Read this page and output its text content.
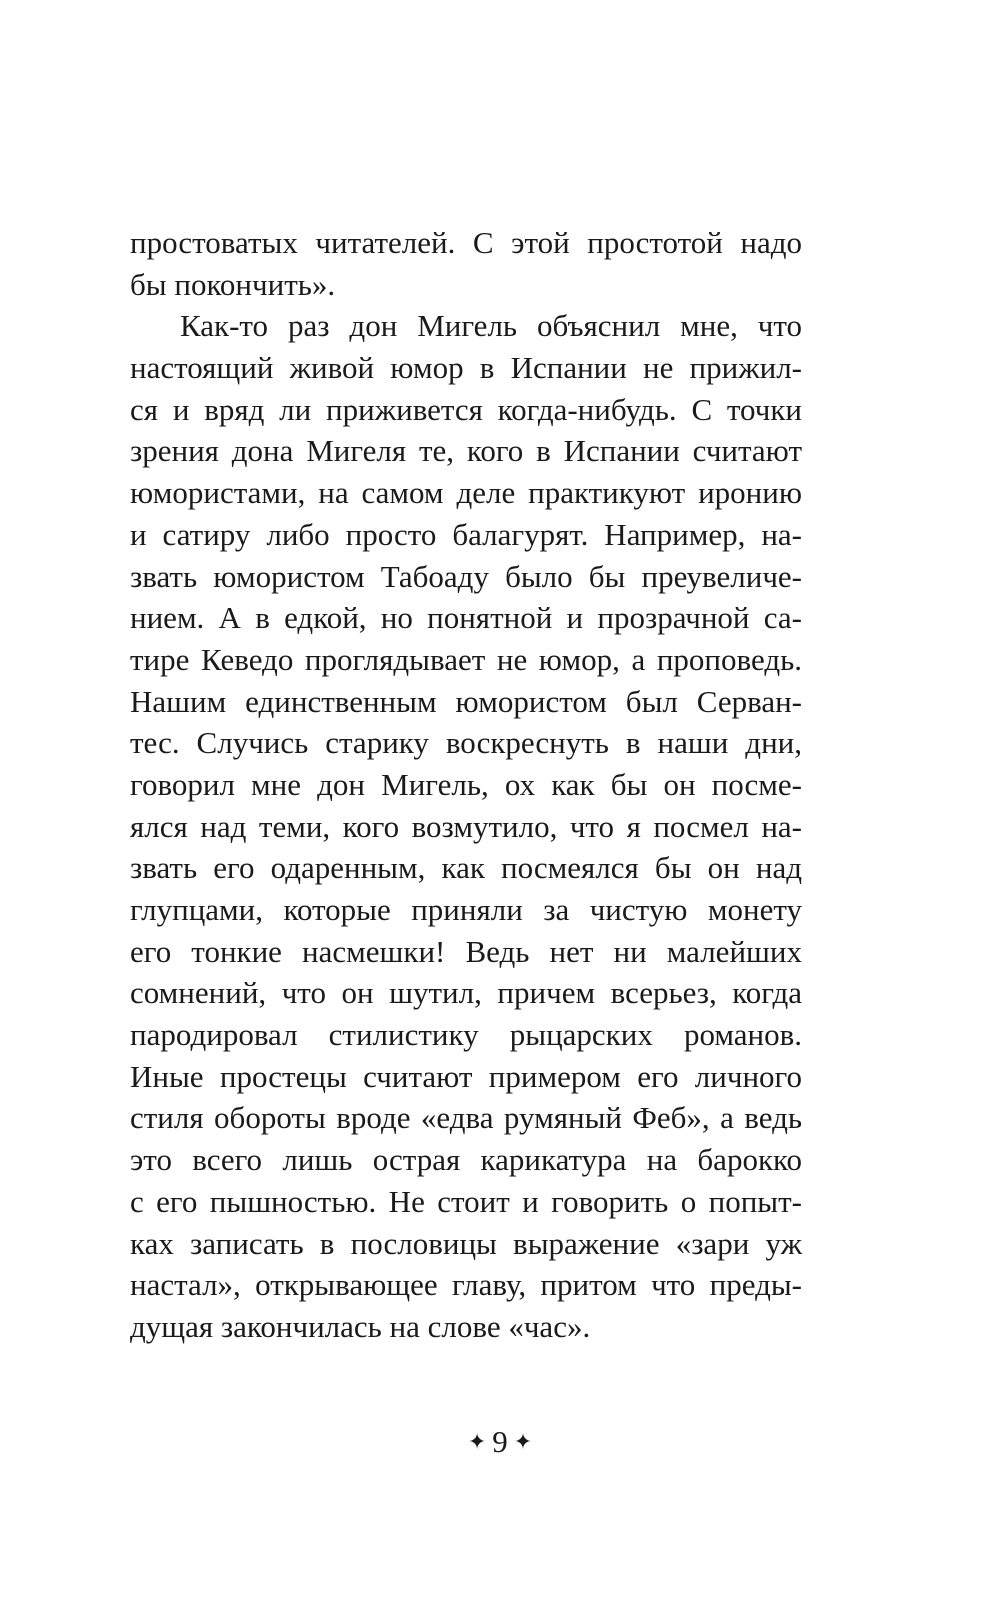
простоватых читателей. С этой простотой надо
бы покончить».
Как-то раз дон Мигель объяснил мне, что
настоящий живой юмор в Испании не прижил-
ся и вряд ли приживется когда-нибудь. С точки
зрения дона Мигеля те, кого в Испании считают
юмористами, на самом деле практикуют иронию
и сатиру либо просто балагурят. Например, на-
звать юмористом Табоаду было бы преувеличе-
нием. А в едкой, но понятной и прозрачной са-
тире Кеведо проглядывает не юмор, а проповедь.
Нашим единственным юмористом был Серван-
тес. Случись старику воскреснуть в наши дни,
говорил мне дон Мигель, ох как бы он посме-
ялся над теми, кого возмутило, что я посмел на-
звать его одаренным, как посмеялся бы он над
глупцами, которые приняли за чистую монету
его тонкие насмешки! Ведь нет ни малейших
сомнений, что он шутил, причем всерьез, когда
пародировал стилистику рыцарских романов.
Иные простецы считают примером его личного
стиля обороты вроде «едва румяный Феб», а ведь
это всего лишь острая карикатура на барокко
с его пышностью. Не стоит и говорить о попыт-
ках записать в пословицы выражение «зари уж
настал», открывающее главу, притом что преды-
дущая закончилась на слове «час».
✦ 9 ✦
